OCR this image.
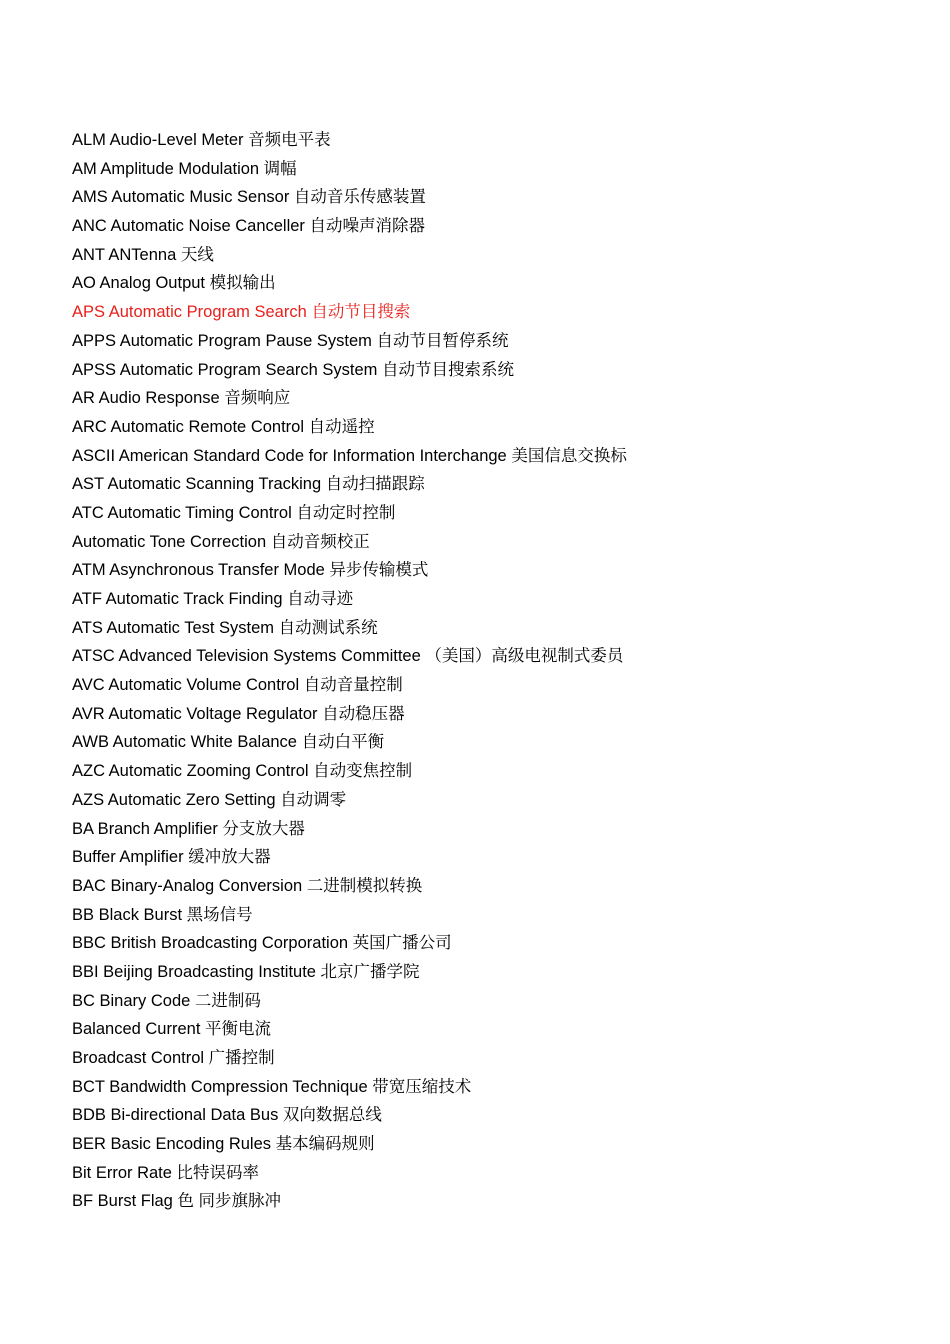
ALM Audio-Level Meter 音频电平表
AM Amplitude Modulation 调幅
AMS Automatic Music Sensor 自动音乐传感装置
ANC Automatic Noise Canceller 自动噪声消除器
ANT ANTenna 天线
AO Analog Output 模拟输出
APS Automatic Program Search 自动节目搜索
APPS Automatic Program Pause System 自动节目暂停系统
APSS Automatic Program Search System 自动节目搜索系统
AR Audio Response 音频响应
ARC Automatic Remote Control 自动遥控
ASCII American Standard Code for Information Interchange 美国信息交换标
AST Automatic Scanning Tracking 自动扫描跟踪
ATC Automatic Timing Control 自动定时控制
Automatic Tone Correction 自动音频校正
ATM Asynchronous Transfer Mode 异步传输模式
ATF Automatic Track Finding 自动寻迹
ATS Automatic Test System 自动测试系统
ATSC Advanced Television Systems Committee （美国）高级电视制式委员
AVC Automatic Volume Control 自动音量控制
AVR Automatic Voltage Regulator 自动稳压器
AWB Automatic White Balance 自动白平衡
AZC Automatic Zooming Control 自动变焦控制
AZS Automatic Zero Setting 自动调零
BA Branch Amplifier 分支放大器
Buffer Amplifier 缓冲放大器
BAC Binary-Analog Conversion 二进制模拟转换
BB Black Burst 黑场信号
BBC British Broadcasting Corporation 英国广播公司
BBI Beijing Broadcasting Institute 北京广播学院
BC Binary Code 二进制码
Balanced Current 平衡电流
Broadcast Control 广播控制
BCT Bandwidth Compression Technique 带宽压缩技术
BDB Bi-directional Data Bus 双向数据总线
BER Basic Encoding Rules 基本编码规则
Bit Error Rate 比特误码率
BF Burst Flag 色 同步旗脉冲
